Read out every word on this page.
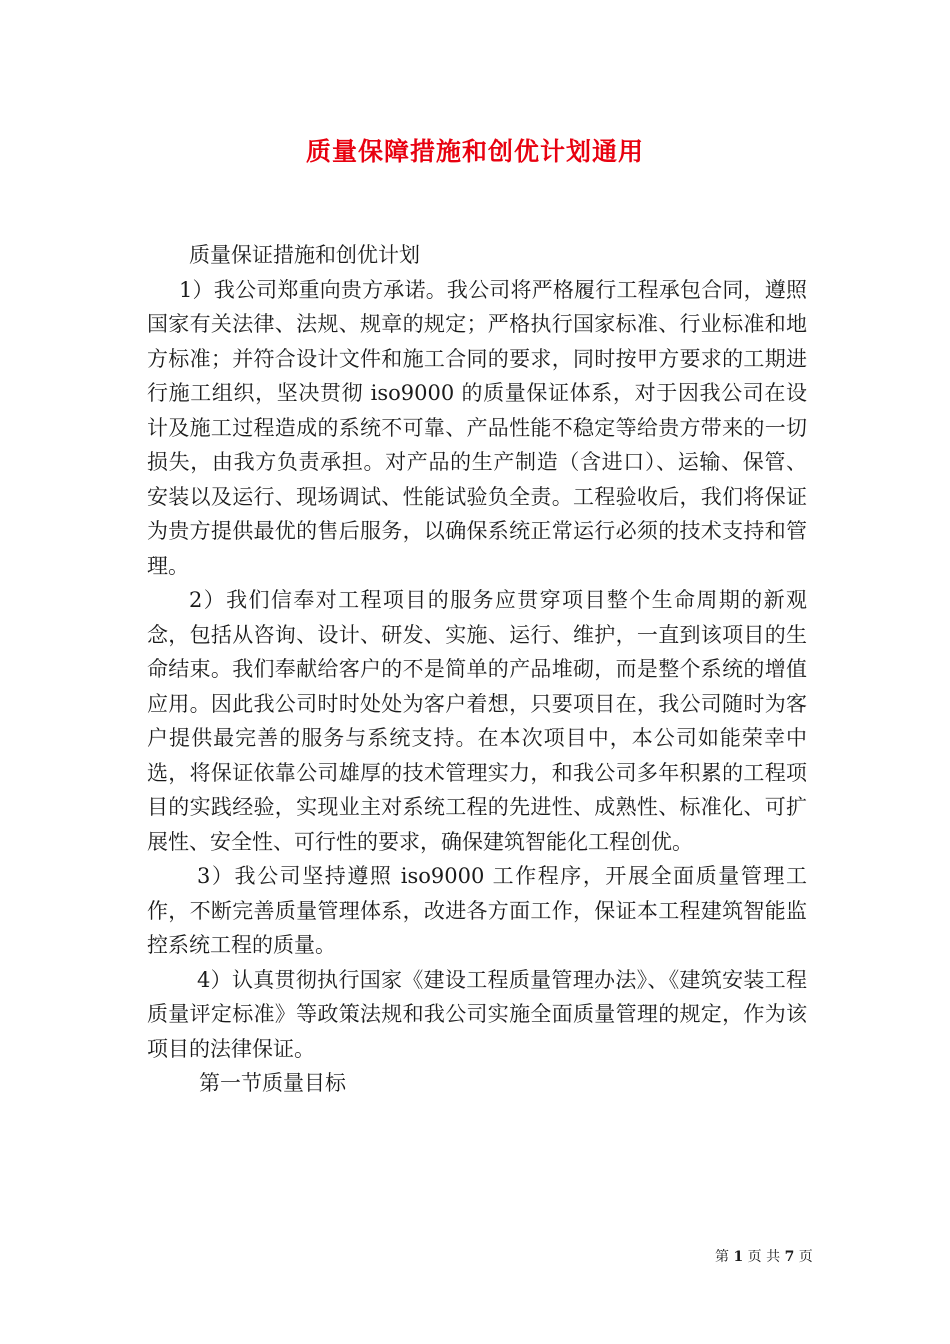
质量保障措施和创优计划通用

质量保证措施和创优计划

1）我公司郑重向贵方承诺。我公司将严格履行工程承包合同，遵照国家有关法律、法规、规章的规定；严格执行国家标准、行业标准和地方标准；并符合设计文件和施工合同的要求，同时按甲方要求的工期进行施工组织，坚决贯彻 iso9000 的质量保证体系，对于因我公司在设计及施工过程造成的系统不可靠、产品性能不稳定等给贵方带来的一切损失，由我方负责承担。对产品的生产制造（含进口）、运输、保管、安装以及运行、现场调试、性能试验负全责。工程验收后，我们将保证为贵方提供最优的售后服务，以确保系统正常运行必须的技术支持和管理。

2）我们信奉对工程项目的服务应贯穿项目整个生命周期的新观念，包括从咨询、设计、研发、实施、运行、维护，一直到该项目的生命结束。我们奉献给客户的不是简单的产品堆砌，而是整个系统的增值应用。因此我公司时时处处为客户着想，只要项目在，我公司随时为客户提供最完善的服务与系统支持。在本次项目中，本公司如能荣幸中选，将保证依靠公司雄厚的技术管理实力，和我公司多年积累的工程项目的实践经验，实现业主对系统工程的先进性、成熟性、标准化、可扩展性、安全性、可行性的要求，确保建筑智能化工程创优。

3）我公司坚持遵照 iso9000 工作程序，开展全面质量管理工作，不断完善质量管理体系，改进各方面工作，保证本工程建筑智能监控系统工程的质量。

4）认真贯彻执行国家《建设工程质量管理办法》、《建筑安装工程质量评定标准》等政策法规和我公司实施全面质量管理的规定，作为该项目的法律保证。

第一节质量目标

第 1 页 共 7 页
